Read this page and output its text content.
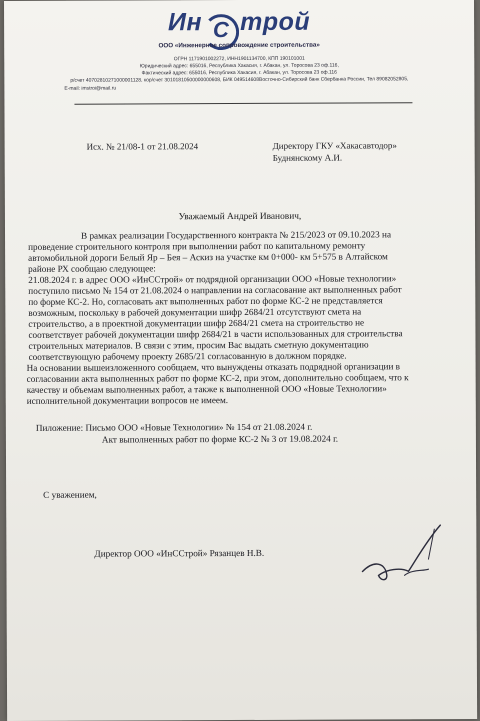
Ин С трой
ООО «Инженерное сопровождение строительства»
ОГРН 1171901002272, ИНН1901134700, КПП 190101001
Юридический адрес: 655016, Республика Хакасия, г. Абакан, ул. Торосова 23 оф.116,
Фактический адрес: 655016, Республика Хакасия, г. Абакан, ул. Торосова 23 оф.116
р/счет 40702810271000001128, кор/счет 30101810500000000608, БИК 049514608Восточно-Сибирский банк Сбербанка России, Тел 89082052805,
E-mail: imstroi@mail.ru
Исх. № 21/08-1 от 21.08.2024	Директору ГКУ «Хакасавтодор»
Буднянскому А.И.
Уважаемый Андрей Иванович,
В рамках реализации Государственного контракта № 215/2023 от 09.10.2023 на
проведение строительного контроля при выполнении работ по капитальному ремонту
автомобильной дороги Белый Яр – Бея – Аскиз на участке км 0+000- км 5+575 в Алтайском
районе РХ сообщаю следующее:
21.08.2024 г. в адрес ООО «ИнССтрой» от подрядной организации ООО «Новые технологии»
поступило письмо № 154 от 21.08.2024 о направлении на согласование акт выполненных работ
по форме КС-2. Но, согласовать акт выполненных работ по форме КС-2 не представляется
возможным, поскольку в рабочей документации шифр 2684/21 отсутствуют смета на
строительство, а в проектной документации шифр 2684/21 смета на строительство не
соответствует рабочей документации шифр 2684/21 в части использованных для строительства
строительных материалов. В связи с этим, просим Вас выдать сметную документацию
соответствующую рабочему проекту 2685/21 согласованную в должном порядке.
На основании вышеизложенного сообщаем, что вынуждены отказать подрядной организации в
согласовании акта выполненных работ по форме КС-2, при этом, дополнительно сообщаем, что к
качеству и объемам выполненных работ, а также к выполненной ООО «Новые Технологии»
исполнительной документации вопросов не имеем.
Пиложение: Письмо ООО «Новые Технологии» № 154 от 21.08.2024 г.
Акт выполненных работ по форме КС-2 № 3 от 19.08.2024 г.
С уважением,
Директор ООО «ИнССтрой» Рязанцев Н.В.
